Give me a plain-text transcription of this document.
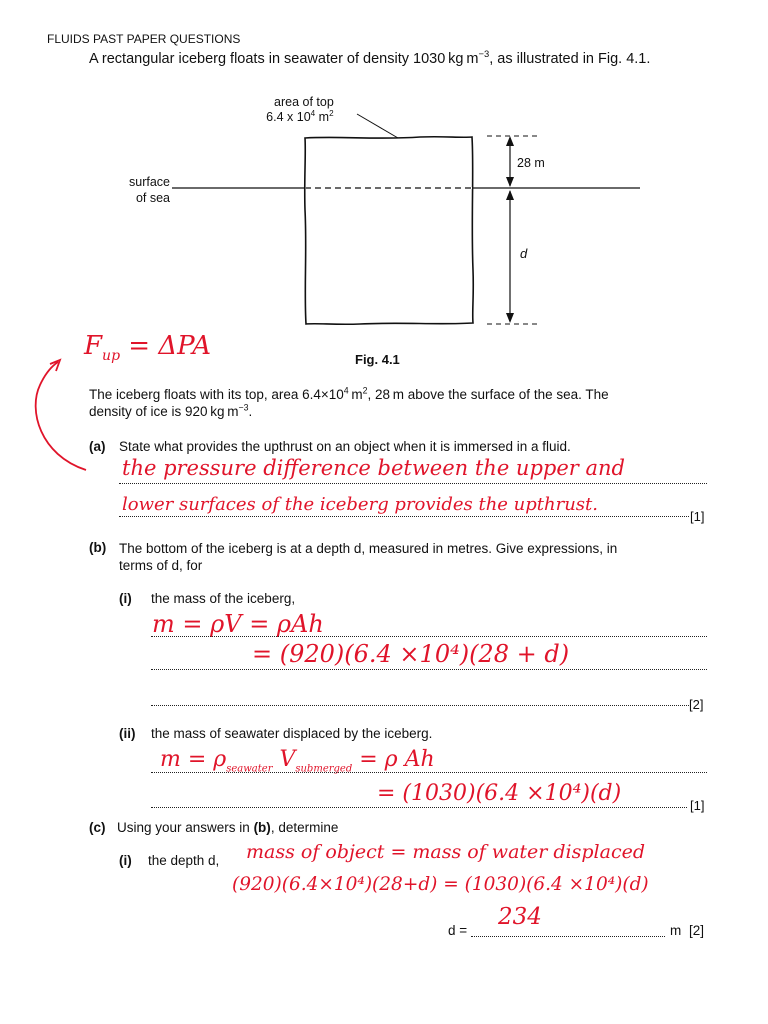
FLUIDS PAST PAPER QUESTIONS
A rectangular iceberg floats in seawater of density 1030 kg $m^{-3}$, as illustrated in Fig. 4.1.
area of top
6.4 x $10^4$ $m^2$
surface
of sea
28 m
d
Fig. 4.1
$F_{up} = \Delta PA$
The iceberg floats with its top, area $6.4\times 10^4$ $m^2$, 28 m above the surface of the sea. The
density of ice is 920 kg $m^{-3}$.
(a) State what provides the upthrust on an object when it is immersed in a fluid.
the pressure difference between the upper and
lower surfaces of the iceberg provides the upthrust.
[1]
(b) The bottom of the iceberg is at a depth d, measured in metres. Give expressions, in
terms of d, for
(i) the mass of the iceberg,
m = ρV = ρAh
= (920)(6.4 ×10⁴)(28 + d)
[2]
(ii) the mass of seawater displaced by the iceberg.
$m = \rho_{seawater}$ $V_{submerged} = \rho$ Ah
= (1030)(6.4 ×10⁴)(d)	[1]
(c) Using your answers in (b), determine
(i) the depth d, mass of object = mass of water displaced
(920)(6.4×10⁴)(28+d) = (1030)(6.4 ×10⁴)(d)
d =
234
m [2]
